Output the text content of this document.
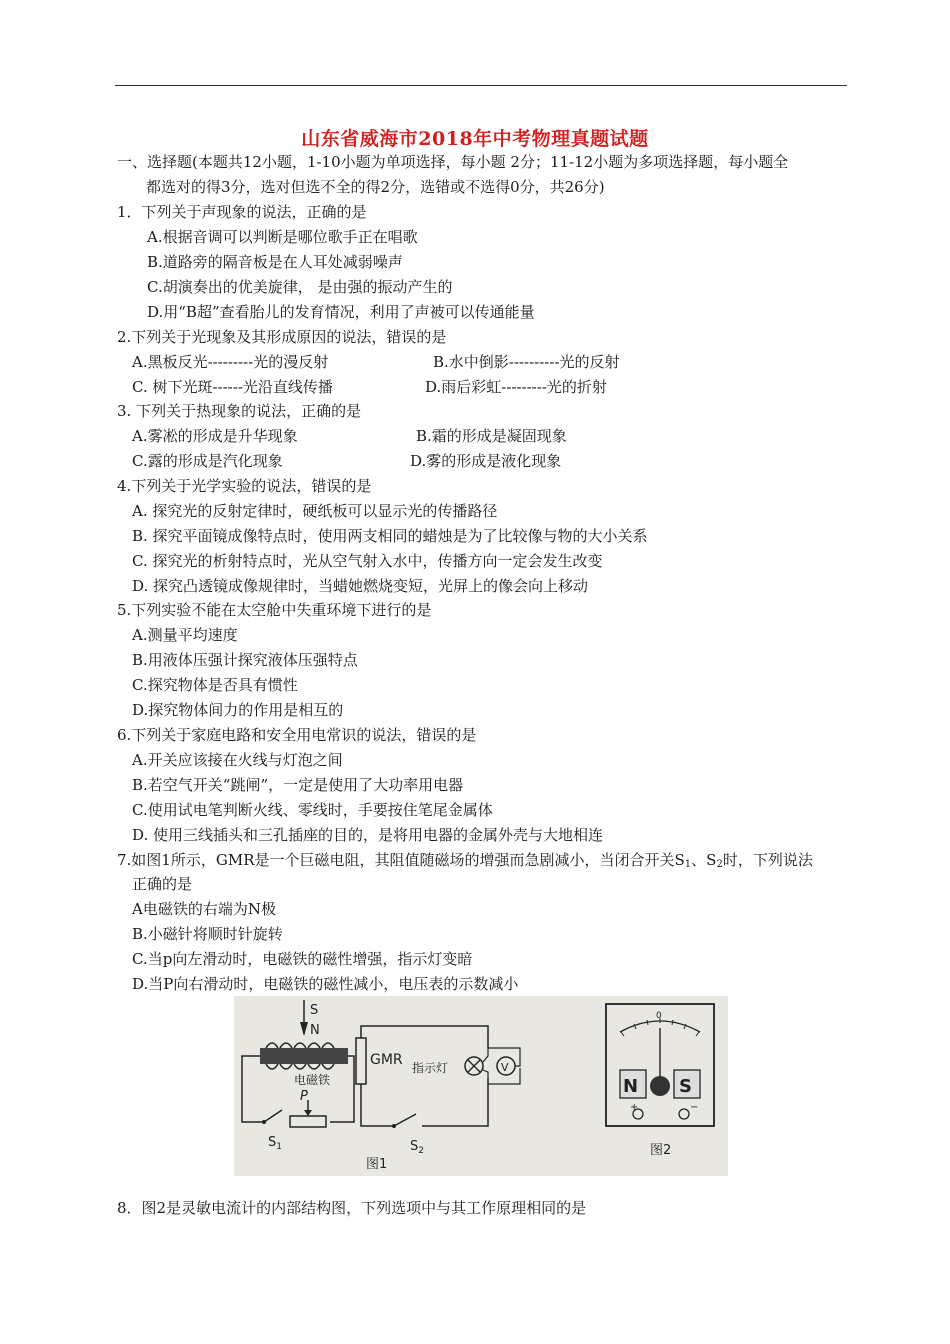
山东省威海市2018年中考物理真题试题
一、选择题(本题共12小题，1-10小题为单项选择，每小题 2分；11-12小题为多项选择题，每小题全
都选对的得3分，选对但选不全的得2分，选错或不选得0分，共26分)
1．下列关于声现象的说法，正确的是
A.根据音调可以判断是哪位歌手正在唱歌
B.道路旁的隔音板是在人耳处减弱噪声
C.胡演奏出的优美旋律， 是由强的振动产生的
D.用“B超”查看胎儿的发育情况，利用了声被可以传通能量
2.下列关于光现象及其形成原因的说法，错误的是
A.黑板反光---------光的漫反射	B.水中倒影----------光的反射
C. 树下光斑------光沿直线传播	D.雨后彩虹---------光的折射
3. 下列关于热现象的说法，正确的是
A.雾凇的形成是升华现象	B.霜的形成是凝固现象
C.露的形成是汽化现象	D.雾的形成是液化现象
4.下列关于光学实验的说法，错误的是
A. 探究光的反射定律时，硬纸板可以显示光的传播路径
B. 探究平面镜成像特点时，使用两支相同的蜡烛是为了比较像与物的大小关系
C. 探究光的析射特点时，光从空气射入水中，传播方向一定会发生改变
D. 探究凸透镜成像规律时，当蜡她燃烧变短，光屏上的像会向上移动
5.下列实验不能在太空舱中失重环境下进行的是
A.测量平均速度
B.用液体压强计探究液体压强特点
C.探究物体是否具有惯性
D.探究物体间力的作用是相互的
6.下列关于家庭电路和安全用电常识的说法，错误的是
A.开关应该接在火线与灯泡之间
B.若空气开关“跳闸”，一定是使用了大功率用电器
C.使用试电笔判断火线、零线时，手要按住笔尾金属体
D. 使用三线插头和三孔插座的目的，是将用电器的金属外壳与大地相连
7.如图1所示，GMR是一个巨磁电阻，其阻值随磁场的增强而急剧减小，当闭合开关$S_1$、$S_2$时，下列说法
正确的是
A电磁铁的右端为N极
B.小磁针将顺时针旋转
C.当p向左滑动时，电磁铁的磁性增强，指示灯变暗
D.当P向右滑动时，电磁铁的磁性减小，电压表的示数减小
S
N
电磁铁
$S_1$
P
GMR
$S_2$
指示灯	V
图1
0
N S
+	−
图2
8．图2是灵敏电流计的内部结构图，下列选项中与其工作原理相同的是
